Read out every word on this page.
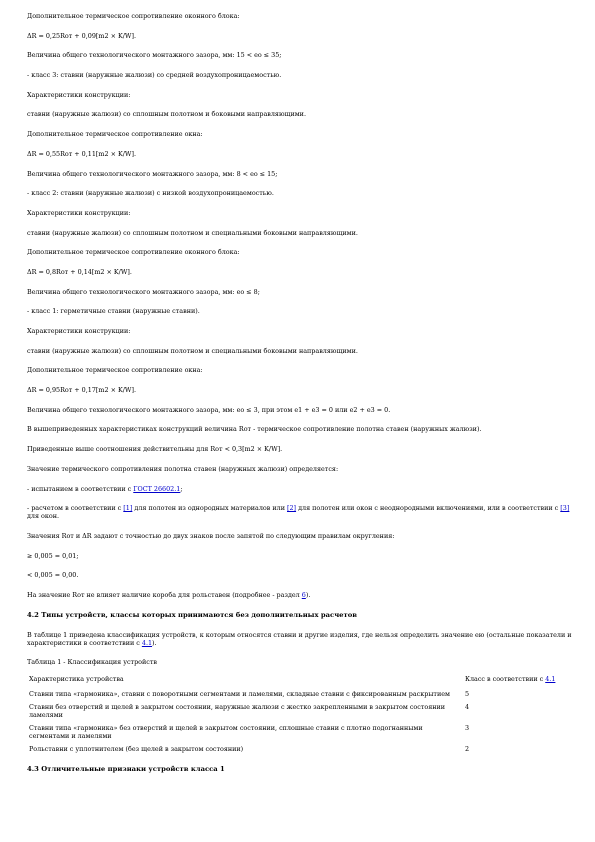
Дополнительное термическое сопротивление оконного блока:

ΔR = 0,25Rот + 0,09[m2 × K/W].

Величина общего технологического монтажного зазора, мм: 15 < eо ≤ 35;

- класс 3: ставни (наружные жалюзи) со средней воздухопроницаемостью.

Характеристики конструкции:

ставни (наружные жалюзи) со сплошным полотном и боковыми направляющими.

Дополнительное термическое сопротивление окна:

ΔR = 0,55Rот + 0,11[m2 × K/W].

Величина общего технологического монтажного зазора, мм: 8 < eо ≤ 15;

- класс 2: ставни (наружные жалюзи) с низкой воздухопроницаемостью.

Характеристики конструкции:

ставни (наружные жалюзи) со сплошным полотном и специальными боковыми направляющими.

Дополнительное термическое сопротивление оконного блока:

ΔR = 0,8Rот + 0,14[m2 × K/W].

Величина общего технологического монтажного зазора, мм: eо ≤ 8;

- класс 1: герметичные ставни (наружные ставни).

Характеристики конструкции:

ставни (наружные жалюзи) со сплошным полотном и специальными боковыми направляющими.

Дополнительное термическое сопротивление окна:

ΔR = 0,95Rот + 0,17[m2 × K/W].

Величина общего технологического монтажного зазора, мм: eо ≤ 3, при этом e1 + e3 = 0 или e2 + e3 = 0.

В вышеприведенных характеристиках конструкций величина Rот - термическое сопротивление полотна ставен (наружных жалюзи).

Приведенные выше соотношения действительны для Rот < 0,3[m2 × K/W].

Значение термического сопротивления полотна ставен (наружных жалюзи) определяется:

- испытанием в соответствии с ГОСТ 26602.1;

- расчетом в соответствии с [1] для полотен из однородных материалов или [2] для полотен или окон с неоднородными включениями, или в соответствии с [3] для окон.

Значения Rот и ΔR задают с точностью до двух знаков после запятой по следующим правилам округления:

≥ 0,005 = 0,01;

< 0,005 = 0,00.

На значение Rот не влияет наличие короба для рольставен (подробнее - раздел 6).

4.2 Типы устройств, классы которых принимаются без дополнительных расчетов

В таблице 1 приведена классификация устройств, к которым относятся ставни и другие изделия, где нельзя определить значение ею (остальные показатели и характеристики в соответствии с 4.1).

Таблица 1 - Классификация устройств

Характеристика устройства	Класс в соответствии с 4.1
Ставни типа «гармоника», ставни с поворотными сегментами и ламелями, складные ставни с фиксированным раскрытием	5
Ставни без отверстий и щелей в закрытом состоянии, наружные жалюзи с жестко закрепленными в закрытом состоянии ламелями	4
Ставни типа «гармоника» без отверстий и щелей в закрытом состоянии, сплошные ставни с плотно подогнанными сегментами и ламелями	3
Рольставни с уплотнителем (без щелей в закрытом состоянии)	2

4.3 Отличительные признаки устройств класса 1
